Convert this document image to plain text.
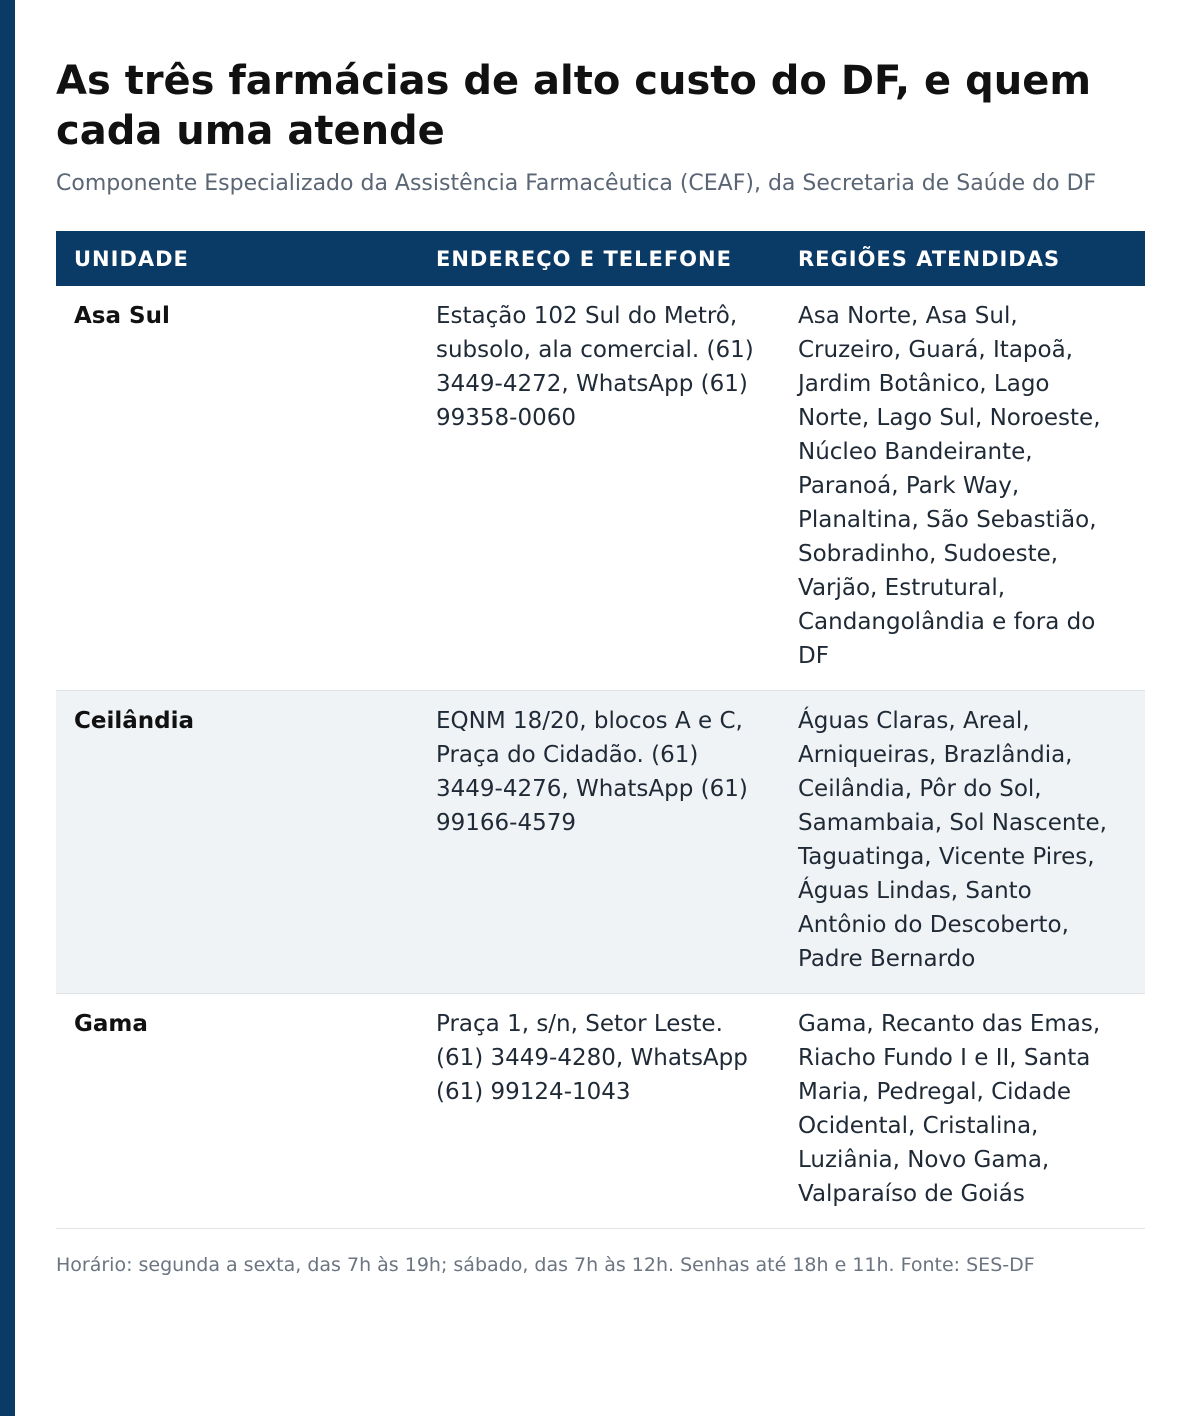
As três farmácias de alto custo do DF, e quem cada uma atende

Componente Especializado da Assistência Farmacêutica (CEAF), da Secretaria de Saúde do DF

UNIDADE	ENDEREÇO E TELEFONE	REGIÕES ATENDIDAS
Asa Sul	Estação 102 Sul do Metrô, subsolo, ala comercial. (61) 3449-4272, WhatsApp (61) 99358-0060	Asa Norte, Asa Sul, Cruzeiro, Guará, Itapoã, Jardim Botânico, Lago Norte, Lago Sul, Noroeste, Núcleo Bandeirante, Paranoá, Park Way, Planaltina, São Sebastião, Sobradinho, Sudoeste, Varjão, Estrutural, Candangolândia e fora do DF
Ceilândia	EQNM 18/20, blocos A e C, Praça do Cidadão. (61) 3449-4276, WhatsApp (61) 99166-4579	Águas Claras, Areal, Arniqueiras, Brazlândia, Ceilândia, Pôr do Sol, Samambaia, Sol Nascente, Taguatinga, Vicente Pires, Águas Lindas, Santo Antônio do Descoberto, Padre Bernardo
Gama	Praça 1, s/n, Setor Leste. (61) 3449-4280, WhatsApp (61) 99124-1043	Gama, Recanto das Emas, Riacho Fundo I e II, Santa Maria, Pedregal, Cidade Ocidental, Cristalina, Luziânia, Novo Gama, Valparaíso de Goiás
Horário: segunda a sexta, das 7h às 19h; sábado, das 7h às 12h. Senhas até 18h e 11h. Fonte: SES-DF
